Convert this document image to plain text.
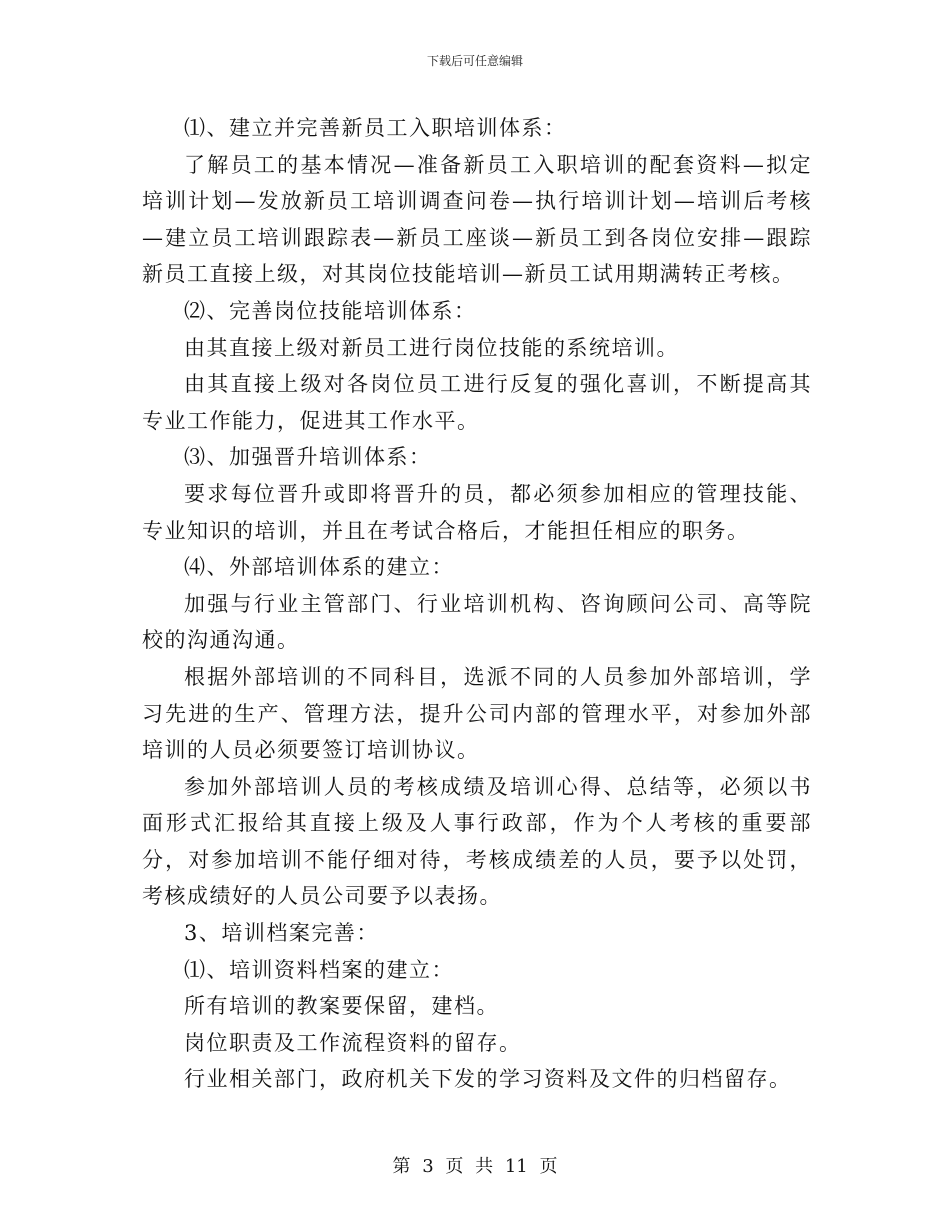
下载后可任意编辑

⑴、建立并完善新员工入职培训体系：

了解员工的基本情况—准备新员工入职培训的配套资料—拟定培训计划—发放新员工培训调查问卷—执行培训计划—培训后考核—建立员工培训跟踪表—新员工座谈—新员工到各岗位安排—跟踪新员工直接上级，对其岗位技能培训—新员工试用期满转正考核。

⑵、完善岗位技能培训体系：

由其直接上级对新员工进行岗位技能的系统培训。

由其直接上级对各岗位员工进行反复的强化喜训，不断提高其专业工作能力，促进其工作水平。

⑶、加强晋升培训体系：

要求每位晋升或即将晋升的员，都必须参加相应的管理技能、专业知识的培训，并且在考试合格后，才能担任相应的职务。

⑷、外部培训体系的建立：

加强与行业主管部门、行业培训机构、咨询顾问公司、高等院校的沟通沟通。

根据外部培训的不同科目，选派不同的人员参加外部培训，学习先进的生产、管理方法，提升公司内部的管理水平，对参加外部培训的人员必须要签订培训协议。

参加外部培训人员的考核成绩及培训心得、总结等，必须以书面形式汇报给其直接上级及人事行政部，作为个人考核的重要部分，对参加培训不能仔细对待，考核成绩差的人员，要予以处罚，考核成绩好的人员公司要予以表扬。

3、培训档案完善：

⑴、培训资料档案的建立：

所有培训的教案要保留，建档。

岗位职责及工作流程资料的留存。

行业相关部门，政府机关下发的学习资料及文件的归档留存。

第 3 页 共 11 页
